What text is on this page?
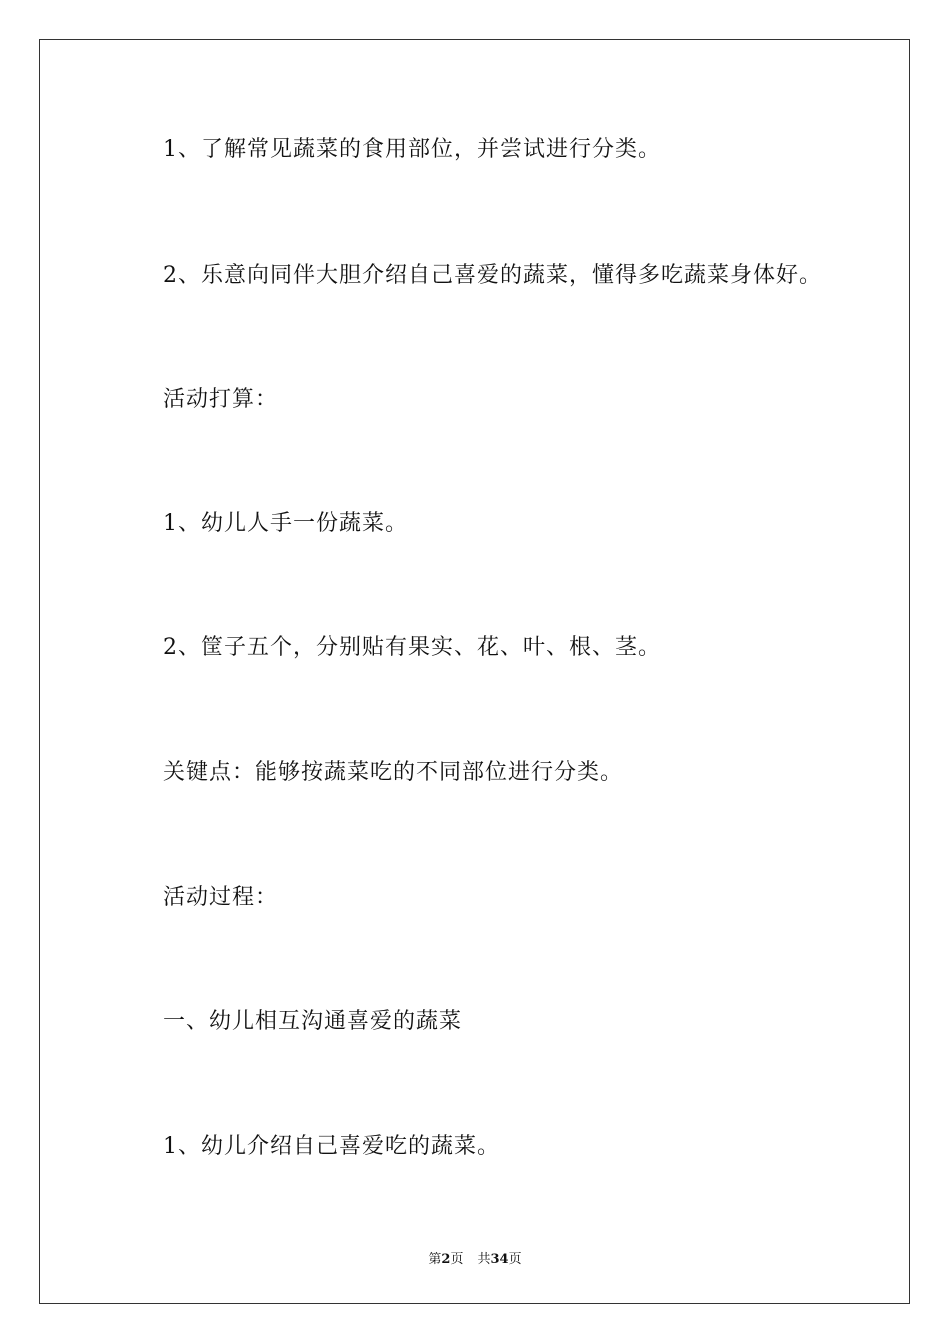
1、了解常见蔬菜的食用部位，并尝试进行分类。
2、乐意向同伴大胆介绍自己喜爱的蔬菜，懂得多吃蔬菜身体好。
活动打算：
1、幼儿人手一份蔬菜。
2、筐子五个，分别贴有果实、花、叶、根、茎。
关键点：能够按蔬菜吃的不同部位进行分类。
活动过程：
一、幼儿相互沟通喜爱的蔬菜
1、幼儿介绍自己喜爱吃的蔬菜。
第2页 共34页
